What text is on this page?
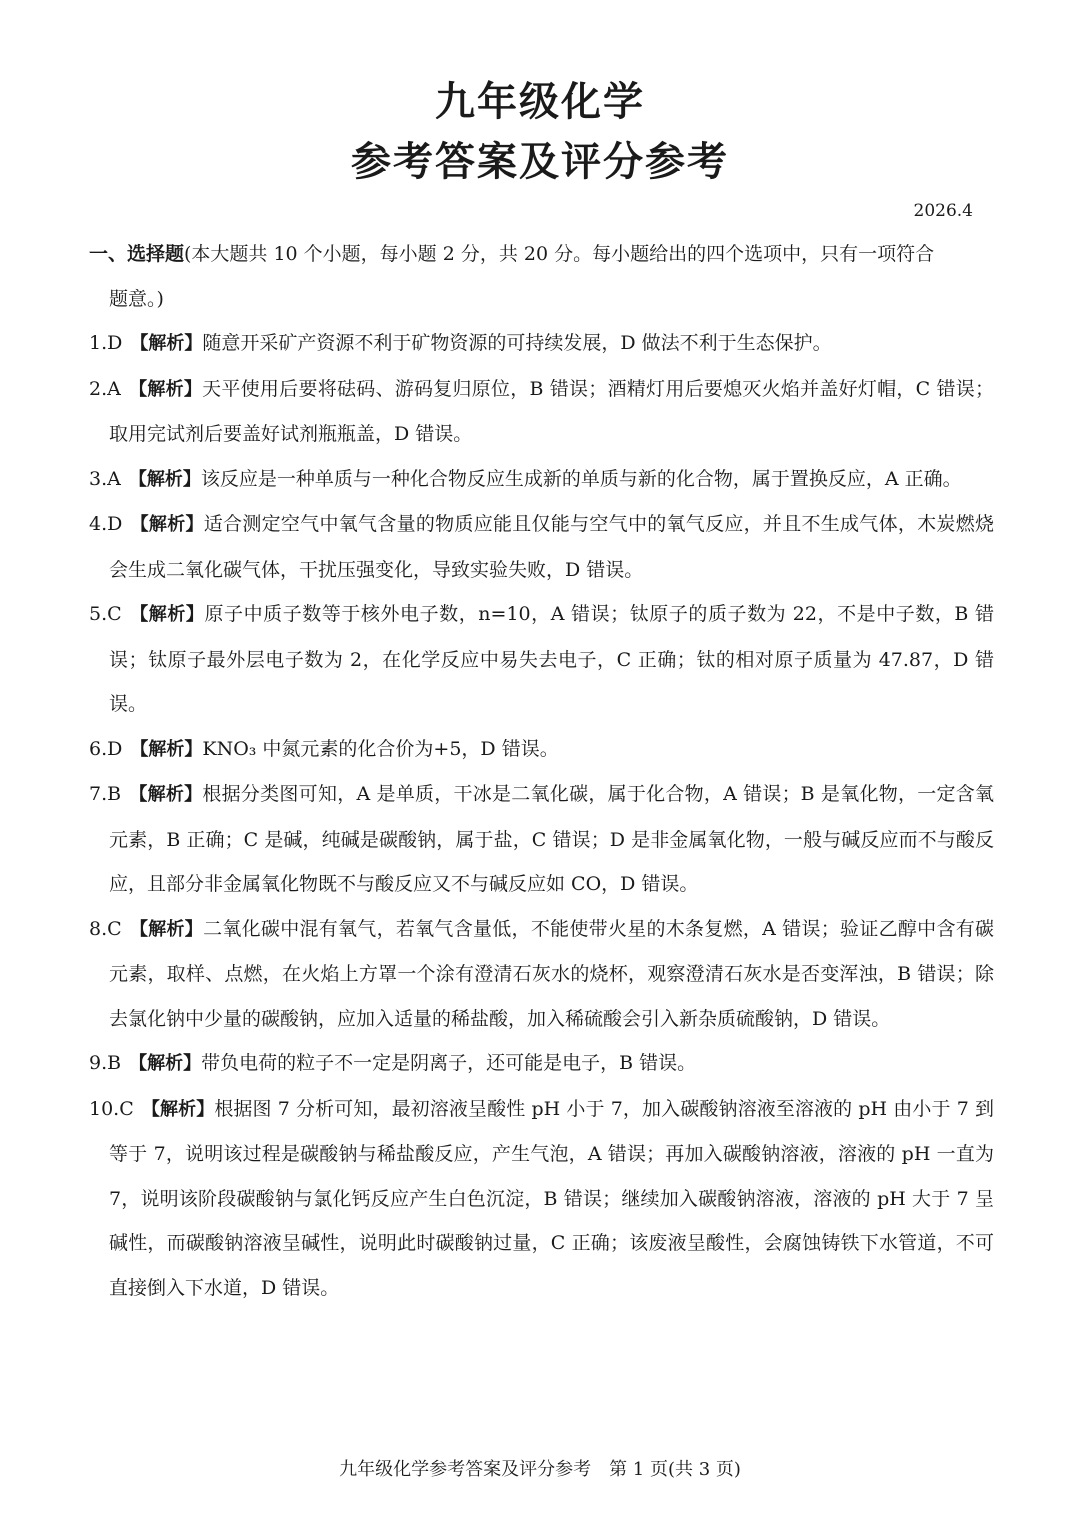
九年级化学
参考答案及评分参考
2026.4
一、选择题(本大题共 10 个小题，每小题 2 分，共 20 分。每小题给出的四个选项中，只有一项符合
题意。)
1.D 【解析】随意开采矿产资源不利于矿物资源的可持续发展，D 做法不利于生态保护。
2.A 【解析】天平使用后要将砝码、游码复归原位，B 错误；酒精灯用后要熄灭火焰并盖好灯帽，C 错误；取用完试剂后要盖好试剂瓶瓶盖，D 错误。
3.A 【解析】该反应是一种单质与一种化合物反应生成新的单质与新的化合物，属于置换反应，A 正确。
4.D 【解析】适合测定空气中氧气含量的物质应能且仅能与空气中的氧气反应，并且不生成气体，木炭燃烧会生成二氧化碳气体，干扰压强变化，导致实验失败，D 错误。
5.C 【解析】原子中质子数等于核外电子数，n=10，A 错误；钛原子的质子数为 22，不是中子数，B 错误；钛原子最外层电子数为 2，在化学反应中易失去电子，C 正确；钛的相对原子质量为 47.87，D 错误。
6.D 【解析】KNO₃ 中氮元素的化合价为+5，D 错误。
7.B 【解析】根据分类图可知，A 是单质，干冰是二氧化碳，属于化合物，A 错误；B 是氧化物，一定含氧元素，B 正确；C 是碱，纯碱是碳酸钠，属于盐，C 错误；D 是非金属氧化物，一般与碱反应而不与酸反应，且部分非金属氧化物既不与酸反应又不与碱反应如 CO，D 错误。
8.C 【解析】二氧化碳中混有氧气，若氧气含量低，不能使带火星的木条复燃，A 错误；验证乙醇中含有碳元素，取样、点燃，在火焰上方罩一个涂有澄清石灰水的烧杯，观察澄清石灰水是否变浑浊，B 错误；除去氯化钠中少量的碳酸钠，应加入适量的稀盐酸，加入稀硫酸会引入新杂质硫酸钠，D 错误。
9.B 【解析】带负电荷的粒子不一定是阴离子，还可能是电子，B 错误。
10.C 【解析】根据图 7 分析可知，最初溶液呈酸性 pH 小于 7，加入碳酸钠溶液至溶液的 pH 由小于 7 到等于 7，说明该过程是碳酸钠与稀盐酸反应，产生气泡，A 错误；再加入碳酸钠溶液，溶液的 pH 一直为 7，说明该阶段碳酸钠与氯化钙反应产生白色沉淀，B 错误；继续加入碳酸钠溶液，溶液的 pH 大于 7 呈碱性，而碳酸钠溶液呈碱性，说明此时碳酸钠过量，C 正确；该废液呈酸性，会腐蚀铸铁下水管道，不可直接倒入下水道，D 错误。
九年级化学参考答案及评分参考　第 1 页(共 3 页)
